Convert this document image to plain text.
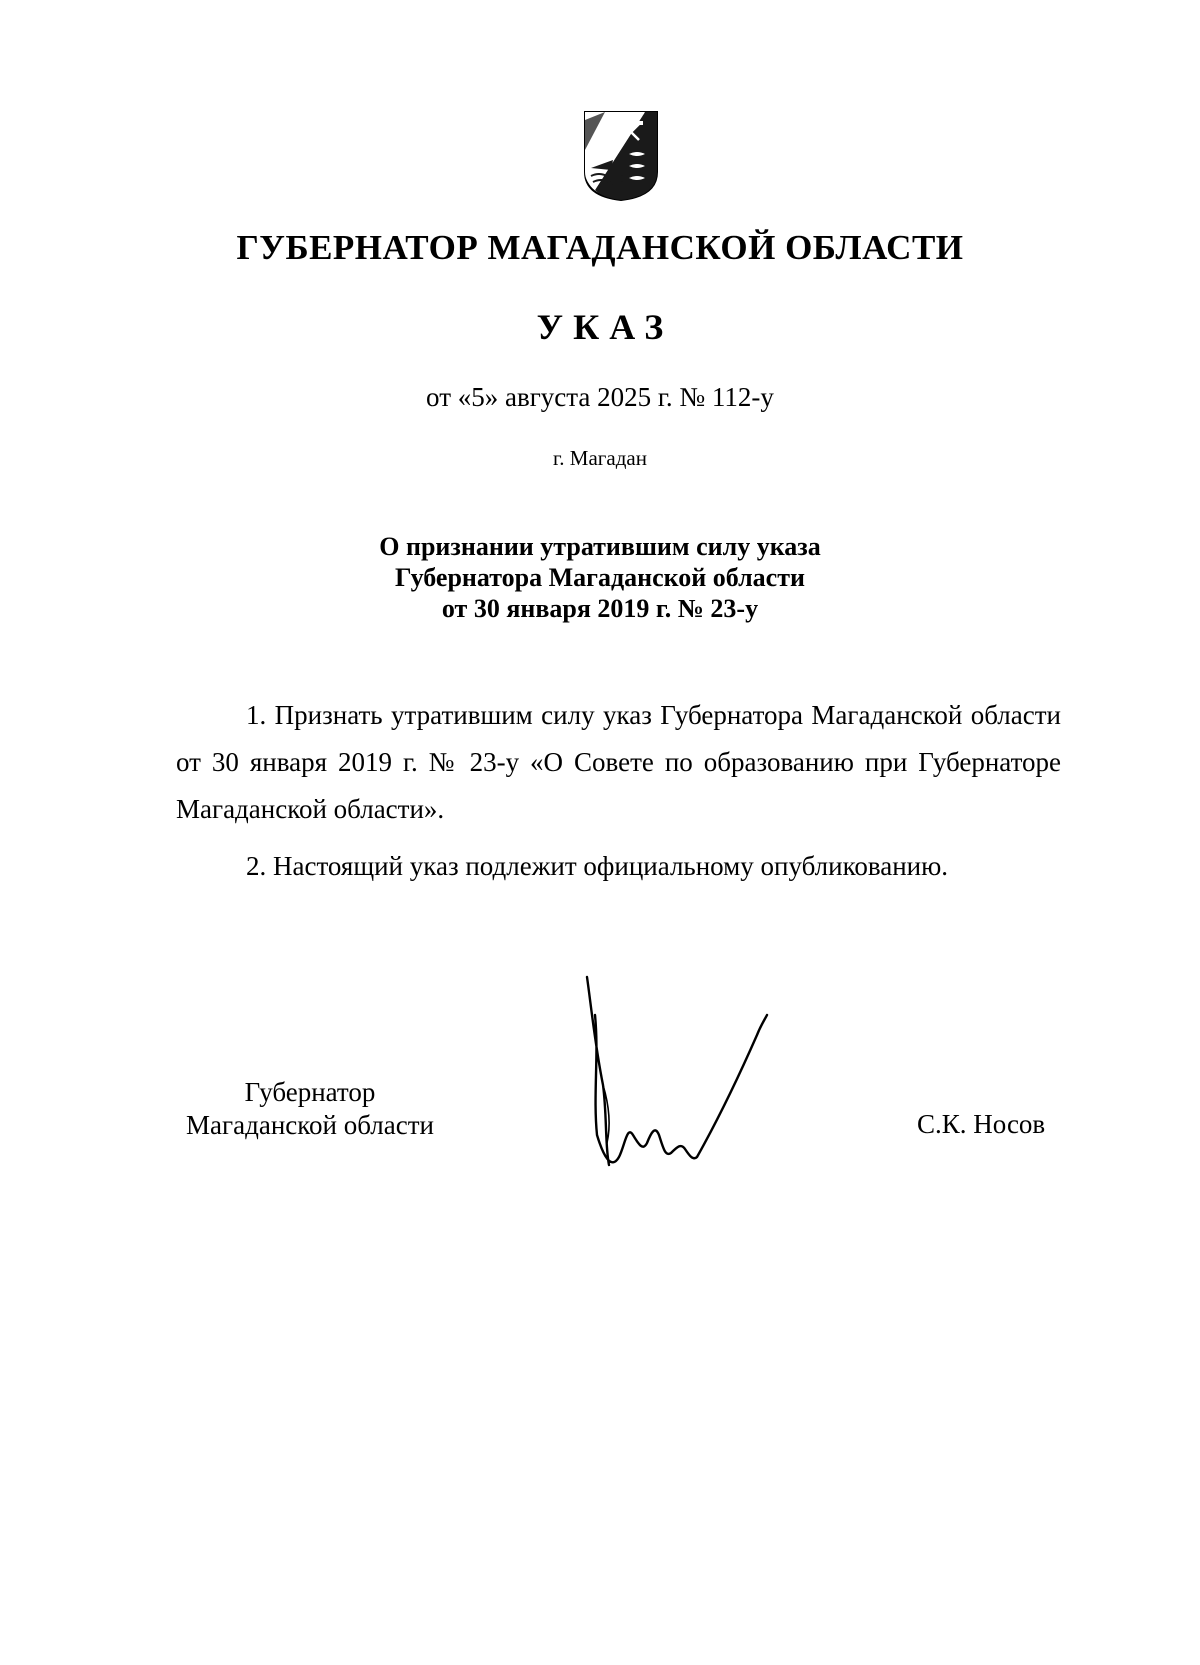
ГУБЕРНАТОР МАГАДАНСКОЙ ОБЛАСТИ
УКАЗ
от «5» августа 2025 г. № 112-у
г. Магадан
О признании утратившим силу указа
Губернатора Магаданской области
от 30 января 2019 г. № 23-у

1. Признать утратившим силу указ Губернатора Магаданской области от 30 января 2019 г. № 23-у «О Совете по образованию при Губернаторе Магаданской области».

2. Настоящий указ подлежит официальному опубликованию.

Губернатор
Магаданской области	С.К. Носов
